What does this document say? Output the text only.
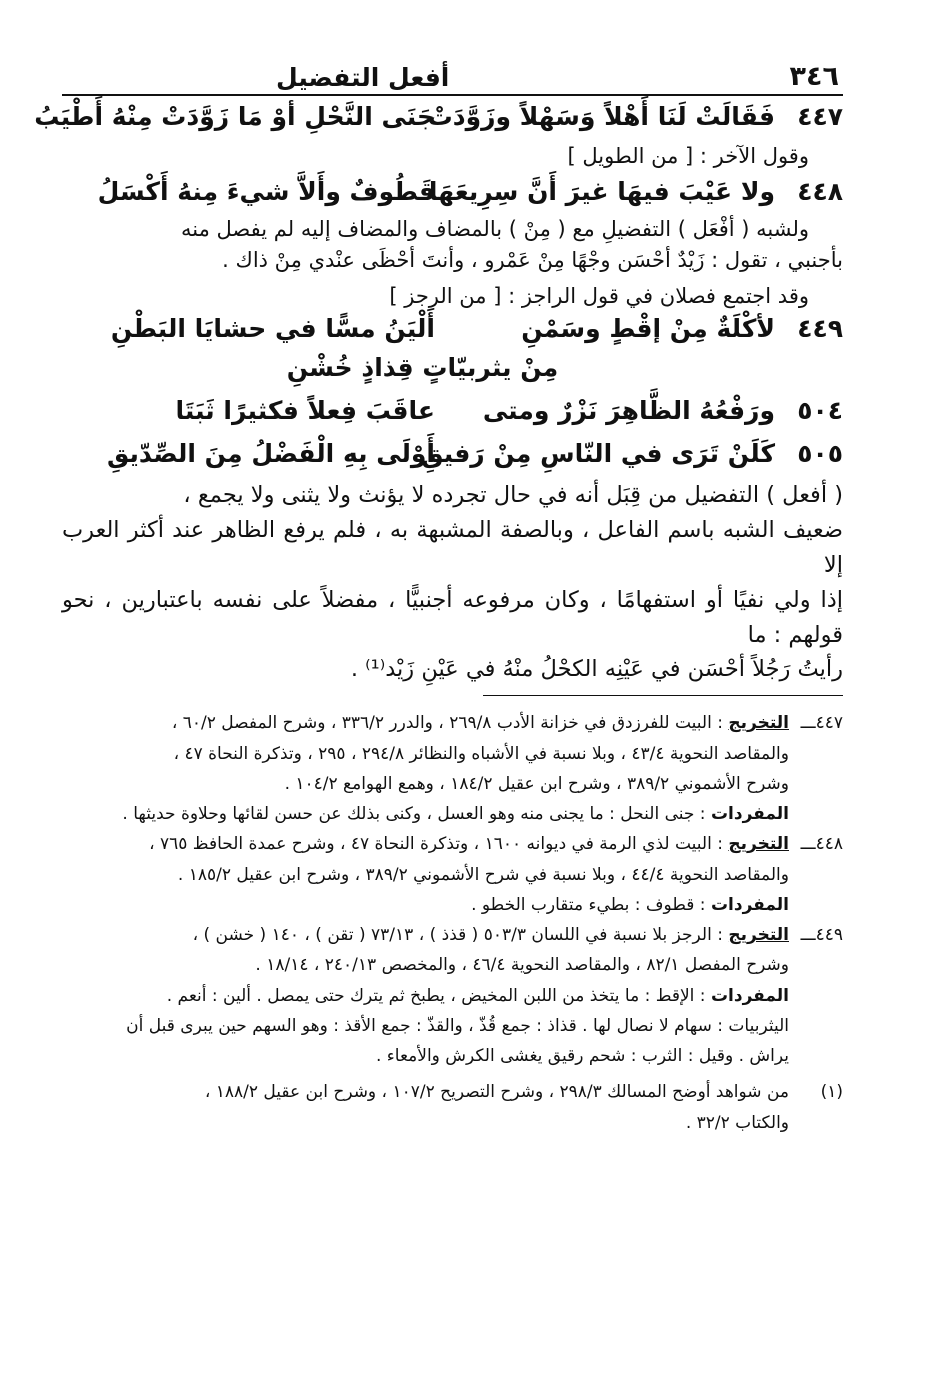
٣٤٦
أفعل التفضيل
٤٤٧
فَقَالَتْ لَنَا أَهْلاً وَسَهْلاً وزَوَّدَتْ
جَنَى النَّحْلِ أوْ مَا زَوَّدَتْ مِنْهُ أَطْيَبُ

وقول الآخر : [ من الطويل ]

٤٤٨
ولا عَيْبَ فيهَا غيرَ أَنَّ سِرِيعَهَا
قَطُوفٌ وأَلاَّ شيءَ مِنهُ أَكْسَلُ

ولشبه ( أفْعَل ) التفضيلِ مع ( مِنْ ) بالمضاف والمضاف إليه لم يفصل منه

بأجنبي ، تقول : زَيْدٌ أحْسَن وجْهًا مِنْ عَمْرو ، وأنتَ أحْظَى عنْدي مِنْ ذاك .

وقد اجتمع فصلان في قول الراجز : [ من الرجز ]

٤٤٩
لأكْلَةٌ مِنْ إقْطٍ وسَمْنِ
أَلْيَنُ مسًّا في حشايَا البَطْنِ
مِنْ يثربيّاتٍ قِذاذٍ خُشْنِ
٥٠٤
ورَفْعُهُ الظَّاهِرَ نَزْرٌ ومتى
عاقَبَ فِعلاً فكثيرًا ثَبَتَا
٥٠٥
كَلَنْ تَرَى في النّاسِ مِنْ رَفيقِ
أَوْلَى بِهِ الْفَضْلُ مِنَ الصِّدّيقِ

( أفعل ) التفضيل من قِبَل أنه في حال تجرده لا يؤنث ولا يثنى ولا يجمع ،

ضعيف الشبه باسم الفاعل ، وبالصفة المشبهة به ، فلم يرفع الظاهر عند أكثر العرب إلا

إذا ولي نفيًا أو استفهامًا ، وكان مرفوعه أجنبيًّا ، مفضلاً على نفسه باعتبارين ، نحو قولهم : ما

رأيتُ رَجُلاً أحْسَن في عَيْنِه الكحْلُ منْهُ في عَيْنِ زَيْد⁽¹⁾ .

٤٤٧ـــالتخريج : البيت للفرزدق في خزانة الأدب ٢٦٩/٨ ، والدرر ٣٣٦/٢ ، وشرح المفصل ٦٠/٢ ،

والمقاصد النحوية ٤٣/٤ ، وبلا نسبة في الأشباه والنظائر ٢٩٤/٨ ، ٢٩٥ ، وتذكرة النحاة ٤٧ ،

وشرح الأشموني ٣٨٩/٢ ، وشرح ابن عقيل ١٨٤/٢ ، وهمع الهوامع ١٠٤/٢ .

المفردات : جنى النحل : ما يجنى منه وهو العسل ، وكنى بذلك عن حسن لقائها وحلاوة حديثها .

٤٤٨ـــالتخريج : البيت لذي الرمة في ديوانه ١٦٠٠ ، وتذكرة النحاة ٤٧ ، وشرح عمدة الحافظ ٧٦٥ ،

والمقاصد النحوية ٤٤/٤ ، وبلا نسبة في شرح الأشموني ٣٨٩/٢ ، وشرح ابن عقيل ١٨٥/٢ .

المفردات : قطوف : بطيء متقارب الخطو .

٤٤٩ـــالتخريج : الرجز بلا نسبة في اللسان ٥٠٣/٣ ( قذذ ) ، ٧٣/١٣ ( تقن ) ، ١٤٠ ( خشن ) ،

وشرح المفصل ٨٢/١ ، والمقاصد النحوية ٤٦/٤ ، والمخصص ٢٤٠/١٣ ، ١٨/١٤ .

المفردات : الإقط : ما يتخذ من اللبن المخيض ، يطبخ ثم يترك حتى يمصل . ألين : أنعم .

اليثربيات : سهام لا نصال لها . قذاذ : جمع قُذّ ، والقذّ : جمع الأقذ : وهو السهم حين يبرى قبل أن

يراش . وقيل : الثرب : شحم رقيق يغشى الكرش والأمعاء .

(١)من شواهد أوضح المسالك ٢٩٨/٣ ، وشرح التصريح ١٠٧/٢ ، وشرح ابن عقيل ١٨٨/٢ ،

والكتاب ٣٢/٢ .
